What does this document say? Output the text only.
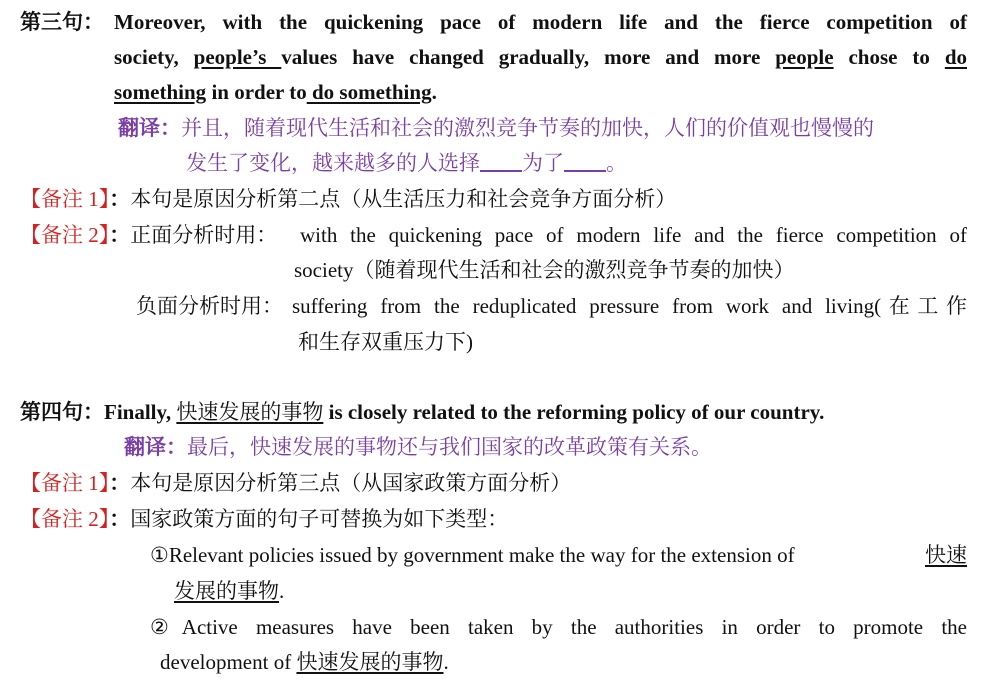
第三句： Moreover, with the quickening pace of modern life and the fierce competition of
society, people’s values have changed gradually, more and more people chose to do
something in order to do something.
翻译：并且，随着现代生活和社会的激烈竞争节奏的加快，人们的价值观也慢慢的
发生了变化，越来越多的人选择 为了 。
【备注 1】：本句是原因分析第二点（从生活压力和社会竞争方面分析）
【备注 2】：正面分析时用： with the quickening pace of modern life and the fierce competition of
society（随着现代生活和社会的激烈竞争节奏的加快）
负面分析时用： suffering from the reduplicated pressure from work and living(在工作
和生存双重压力下)
第四句：Finally, 快速发展的事物 is closely related to the reforming policy of our country.
翻译：最后，快速发展的事物还与我们国家的改革政策有关系。
【备注 1】：本句是原因分析第三点（从国家政策方面分析）
【备注 2】：国家政策方面的句子可替换为如下类型：
①Relevant policies issued by government make the way for the extension of	快速
发展的事物.
②Active measures have been taken by the authorities in order to promote the
development of 快速发展的事物.
